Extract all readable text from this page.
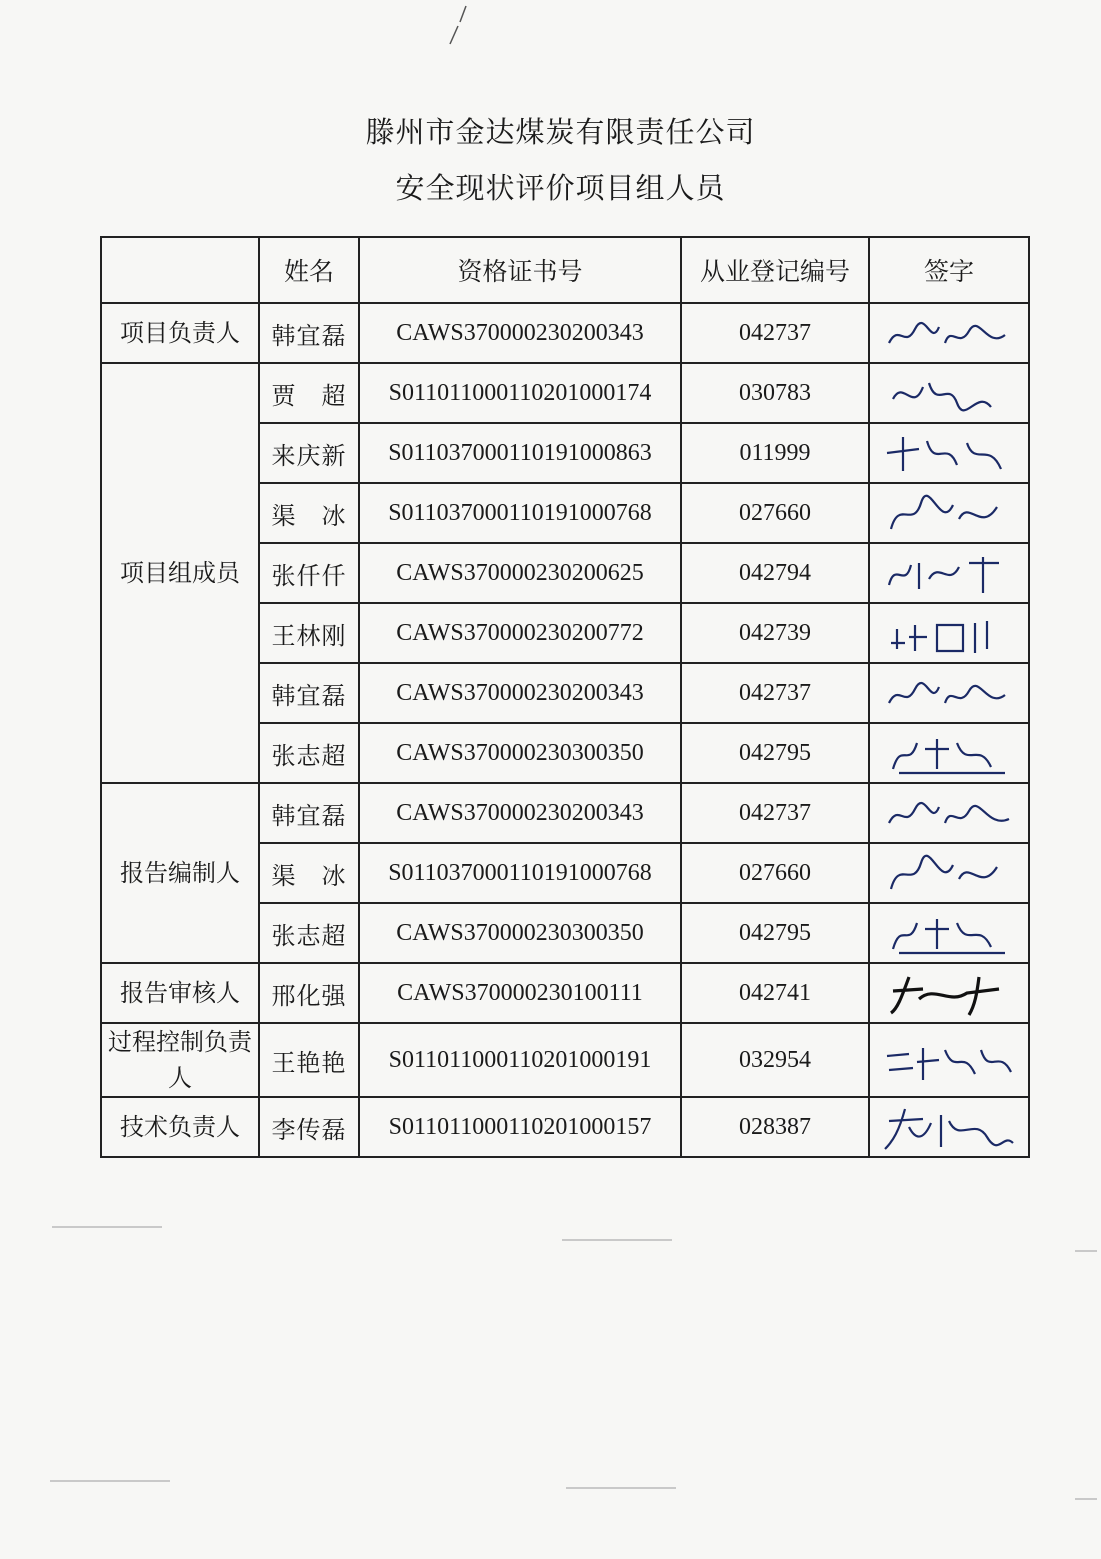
滕州市金达煤炭有限责任公司
安全现状评价项目组人员
	姓名	资格证书号	从业登记编号	签字
项目负责人	韩宜磊	CAWS370000230200343	042737	

项目组成员	贾　超	S011011000110201000174	030783	

	来庆新	S011037000110191000863	011999	

	渠　冰	S011037000110191000768	027660	

	张仟仟	CAWS370000230200625	042794	

	王林刚	CAWS370000230200772	042739	

	韩宜磊	CAWS370000230200343	042737	

	张志超	CAWS370000230300350	042795	

报告编制人	韩宜磊	CAWS370000230200343	042737	

	渠　冰	S011037000110191000768	027660	

	张志超	CAWS370000230300350	042795	

报告审核人	邢化强	CAWS370000230100111	042741	

过程控制负责人	王艳艳	S011011000110201000191	032954	

技术负责人	李传磊	S011011000110201000157	028387	
